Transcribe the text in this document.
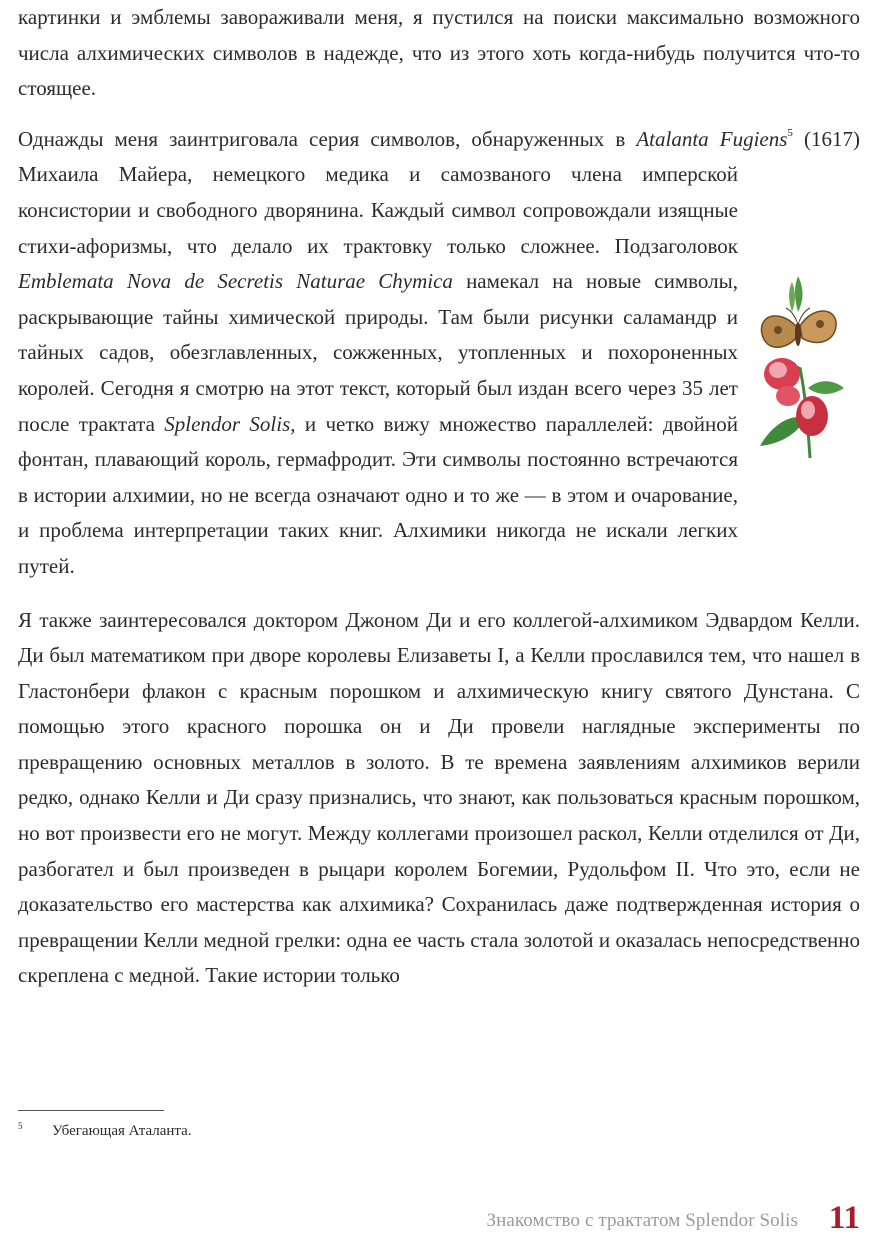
картинки и эмблемы завораживали меня, я пустился на поиски максимально возможного числа алхимических символов в надежде, что из этого хоть когда-нибудь получится что-то стоящее.

Однажды меня заинтриговала серия символов, обнаруженных в Atalanta Fugiens$^5$
(1617) Михаила Майера, немецкого медика и самозваного члена имперской консистории и свободного дворянина. Каждый символ сопровождали изящные стихи-афоризмы, что делало их трактовку только сложнее. Подзаголовок Emblemata Nova de Secretis Naturae Chymica намекал на новые символы, раскрывающие тайны химической природы. Там были рисунки саламандр и тайных садов, обезглавленных, сожженных, утопленных и похороненных королей. Сегодня я смотрю на этот текст, который был издан всего через 35 лет после трактата Splendor Solis, и четко вижу множество параллелей: двойной фонтан, плавающий король, гермафродит. Эти символы постоянно встречаются в истории алхимии, но не всегда означают одно и то же — в этом и очарование, и проблема интерпретации таких книг. Алхимики никогда не искали легких путей.

Я также заинтересовался доктором Джоном Ди и его коллегой-алхимиком Эдвардом Келли. Ди был математиком при дворе королевы Елизаветы I, а Келли прославился тем, что нашел в Гластонбери флакон с красным порошком и алхимическую книгу святого Дунстана. С помощью этого красного порошка он и Ди провели наглядные эксперименты по превращению основных металлов в золото. В те времена заявлениям алхимиков верили редко, однако Келли и Ди сразу признались, что знают, как пользоваться красным порошком, но вот произвести его не могут. Между коллегами произошел раскол, Келли отделился от Ди, разбогател и был произведен в рыцари королем Богемии, Рудольфом II. Что это, если не доказательство его мастерства как алхимика? Сохранилась даже подтвержденная история о превращении Келли медной грелки: одна ее часть стала золотой и оказалась непосредственно скреплена с медной. Такие истории только

5 Убегающая Аталанта.
Знакомство с трактатом Splendor Solis 11
